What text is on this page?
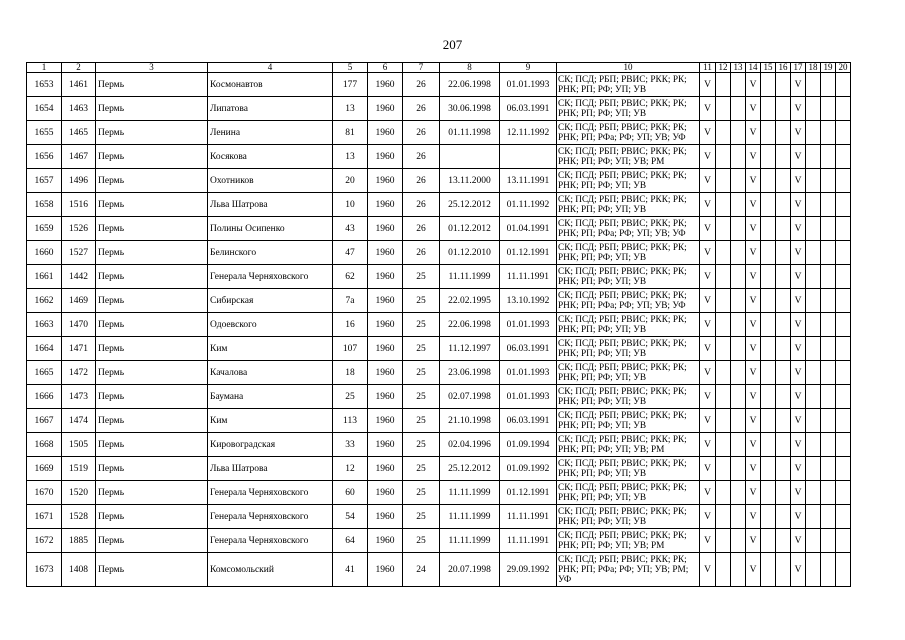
207
1	2	3	4	5	6	7	8	9	10	11	12	13	14	15	16	17	18	19	20
1653	1461	Пермь	Космонавтов	177	1960	26	22.06.1998	01.01.1993	СК; ПСД; РБП; РВИС; РКК; РК; РНК; РП; РФ; УП; УВ	V			V			V			
1654	1463	Пермь	Липатова	13	1960	26	30.06.1998	06.03.1991	СК; ПСД; РБП; РВИС; РКК; РК; РНК; РП; РФ; УП; УВ	V			V			V			
1655	1465	Пермь	Ленина	81	1960	26	01.11.1998	12.11.1992	СК; ПСД; РБП; РВИС; РКК; РК; РНК; РП; РФа; РФ; УП; УВ; УФ	V			V			V			
1656	1467	Пермь	Косякова	13	1960	26			СК; ПСД; РБП; РВИС; РКК; РК; РНК; РП; РФ; УП; УВ; РМ	V			V			V			
1657	1496	Пермь	Охотников	20	1960	26	13.11.2000	13.11.1991	СК; ПСД; РБП; РВИС; РКК; РК; РНК; РП; РФ; УП; УВ	V			V			V			
1658	1516	Пермь	Льва Шатрова	10	1960	26	25.12.2012	01.11.1992	СК; ПСД; РБП; РВИС; РКК; РК; РНК; РП; РФ; УП; УВ	V			V			V			
1659	1526	Пермь	Полины Осипенко	43	1960	26	01.12.2012	01.04.1991	СК; ПСД; РБП; РВИС; РКК; РК; РНК; РП; РФа; РФ; УП; УВ; УФ	V			V			V			
1660	1527	Пермь	Белинского	47	1960	26	01.12.2010	01.12.1991	СК; ПСД; РБП; РВИС; РКК; РК; РНК; РП; РФ; УП; УВ	V			V			V			
1661	1442	Пермь	Генерала Черняховского	62	1960	25	11.11.1999	11.11.1991	СК; ПСД; РБП; РВИС; РКК; РК; РНК; РП; РФ; УП; УВ	V			V			V			
1662	1469	Пермь	Сибирская	7а	1960	25	22.02.1995	13.10.1992	СК; ПСД; РБП; РВИС; РКК; РК; РНК; РП; РФа; РФ; УП; УВ; УФ	V			V			V			
1663	1470	Пермь	Одоевского	16	1960	25	22.06.1998	01.01.1993	СК; ПСД; РБП; РВИС; РКК; РК; РНК; РП; РФ; УП; УВ	V			V			V			
1664	1471	Пермь	Ким	107	1960	25	11.12.1997	06.03.1991	СК; ПСД; РБП; РВИС; РКК; РК; РНК; РП; РФ; УП; УВ	V			V			V			
1665	1472	Пермь	Качалова	18	1960	25	23.06.1998	01.01.1993	СК; ПСД; РБП; РВИС; РКК; РК; РНК; РП; РФ; УП; УВ	V			V			V			
1666	1473	Пермь	Баумана	25	1960	25	02.07.1998	01.01.1993	СК; ПСД; РБП; РВИС; РКК; РК; РНК; РП; РФ; УП; УВ	V			V			V			
1667	1474	Пермь	Ким	113	1960	25	21.10.1998	06.03.1991	СК; ПСД; РБП; РВИС; РКК; РК; РНК; РП; РФ; УП; УВ	V			V			V			
1668	1505	Пермь	Кировоградская	33	1960	25	02.04.1996	01.09.1994	СК; ПСД; РБП; РВИС; РКК; РК; РНК; РП; РФ; УП; УВ; РМ	V			V			V			
1669	1519	Пермь	Льва Шатрова	12	1960	25	25.12.2012	01.09.1992	СК; ПСД; РБП; РВИС; РКК; РК; РНК; РП; РФ; УП; УВ	V			V			V			
1670	1520	Пермь	Генерала Черняховского	60	1960	25	11.11.1999	01.12.1991	СК; ПСД; РБП; РВИС; РКК; РК; РНК; РП; РФ; УП; УВ	V			V			V			
1671	1528	Пермь	Генерала Черняховского	54	1960	25	11.11.1999	11.11.1991	СК; ПСД; РБП; РВИС; РКК; РК; РНК; РП; РФ; УП; УВ	V			V			V			
1672	1885	Пермь	Генерала Черняховского	64	1960	25	11.11.1999	11.11.1991	СК; ПСД; РБП; РВИС; РКК; РК; РНК; РП; РФ; УП; УВ; РМ	V			V			V			
1673	1408	Пермь	Комсомольский	41	1960	24	20.07.1998	29.09.1992	СК; ПСД; РБП; РВИС; РКК; РК; РНК; РП; РФа; РФ; УП; УВ; РМ; УФ	V			V			V			
